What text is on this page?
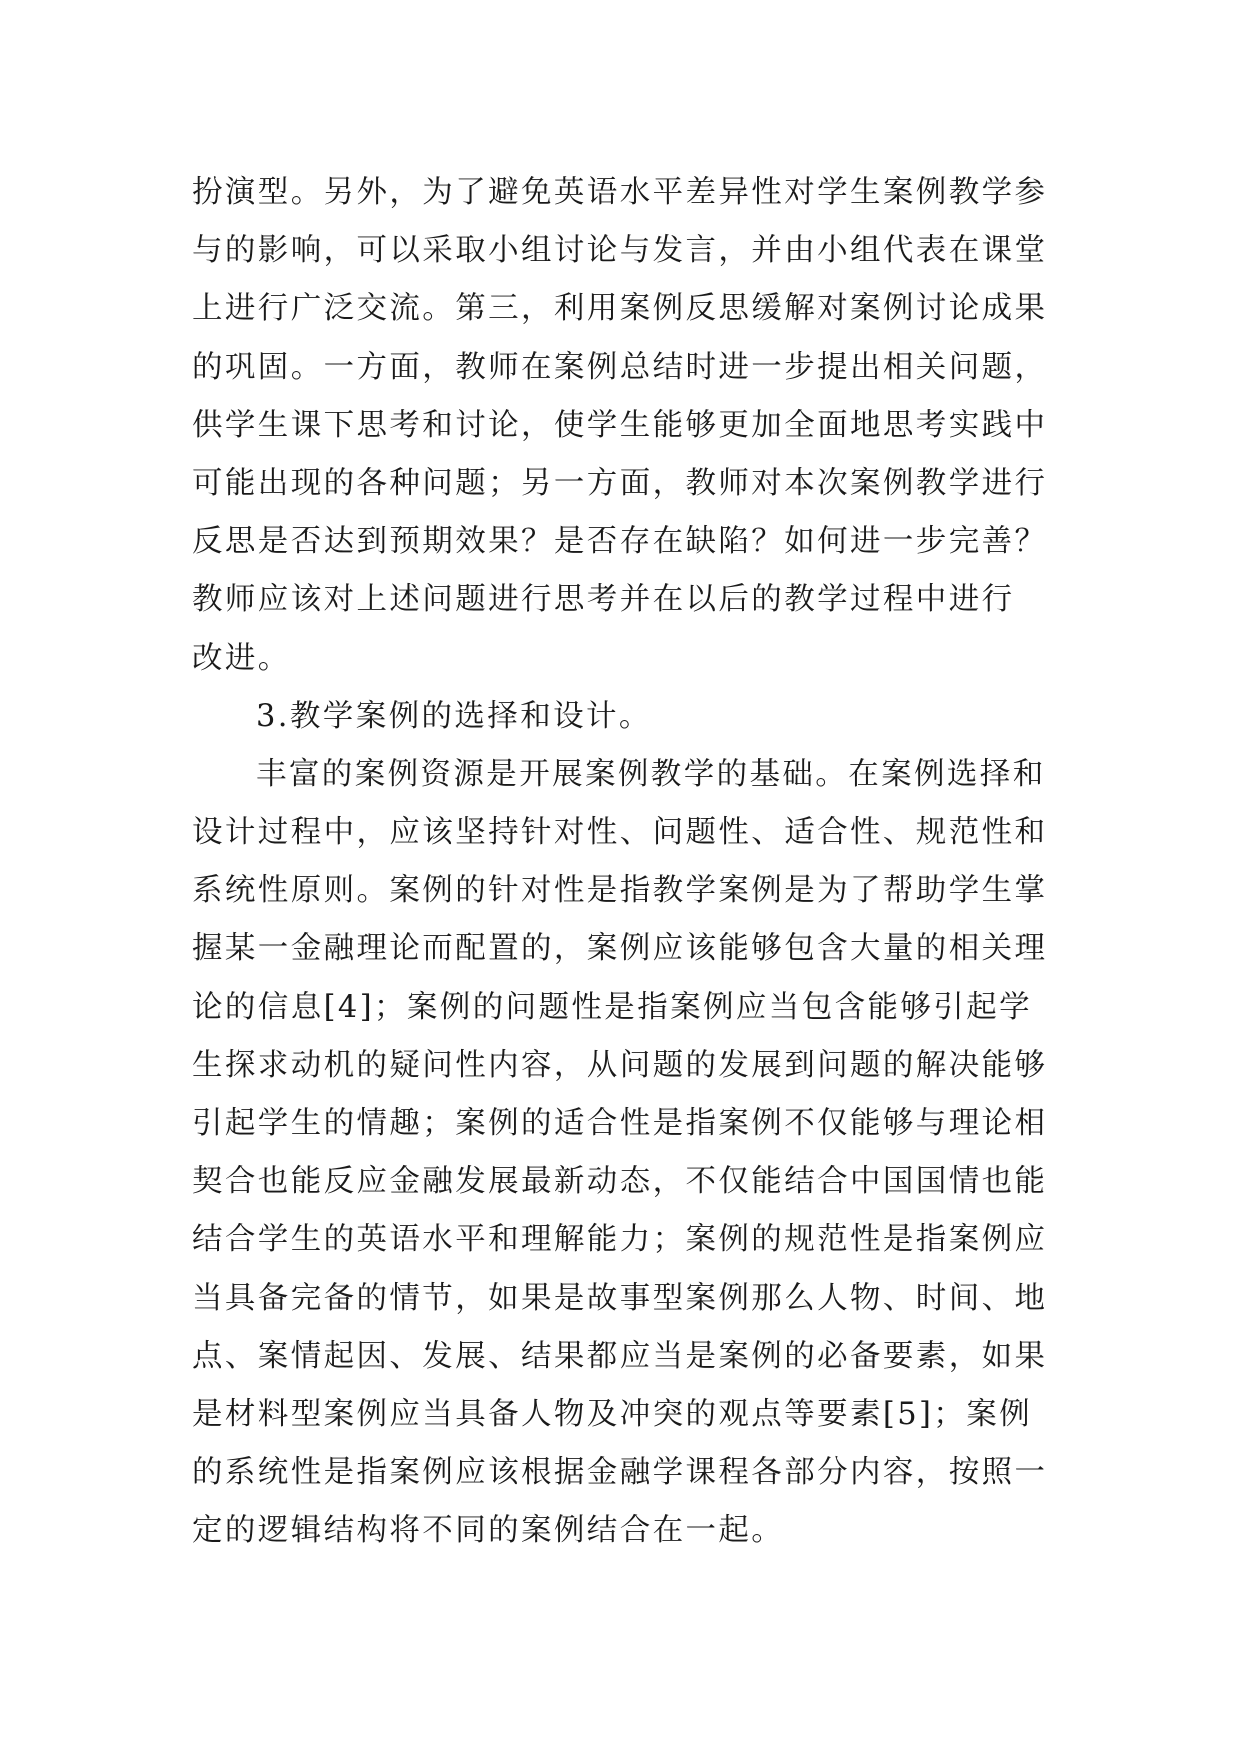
扮演型。另外，为了避免英语水平差异性对学生案例教学参
与的影响，可以采取小组讨论与发言，并由小组代表在课堂
上进行广泛交流。第三，利用案例反思缓解对案例讨论成果
的巩固。一方面，教师在案例总结时进一步提出相关问题，
供学生课下思考和讨论，使学生能够更加全面地思考实践中
可能出现的各种问题；另一方面，教师对本次案例教学进行
反思是否达到预期效果？是否存在缺陷？如何进一步完善？
教师应该对上述问题进行思考并在以后的教学过程中进行
改进。
3.教学案例的选择和设计。
丰富的案例资源是开展案例教学的基础。在案例选择和
设计过程中，应该坚持针对性、问题性、适合性、规范性和
系统性原则。案例的针对性是指教学案例是为了帮助学生掌
握某一金融理论而配置的，案例应该能够包含大量的相关理
论的信息[4]；案例的问题性是指案例应当包含能够引起学
生探求动机的疑问性内容，从问题的发展到问题的解决能够
引起学生的情趣；案例的适合性是指案例不仅能够与理论相
契合也能反应金融发展最新动态，不仅能结合中国国情也能
结合学生的英语水平和理解能力；案例的规范性是指案例应
当具备完备的情节，如果是故事型案例那么人物、时间、地
点、案情起因、发展、结果都应当是案例的必备要素，如果
是材料型案例应当具备人物及冲突的观点等要素[5]；案例
的系统性是指案例应该根据金融学课程各部分内容，按照一
定的逻辑结构将不同的案例结合在一起。
